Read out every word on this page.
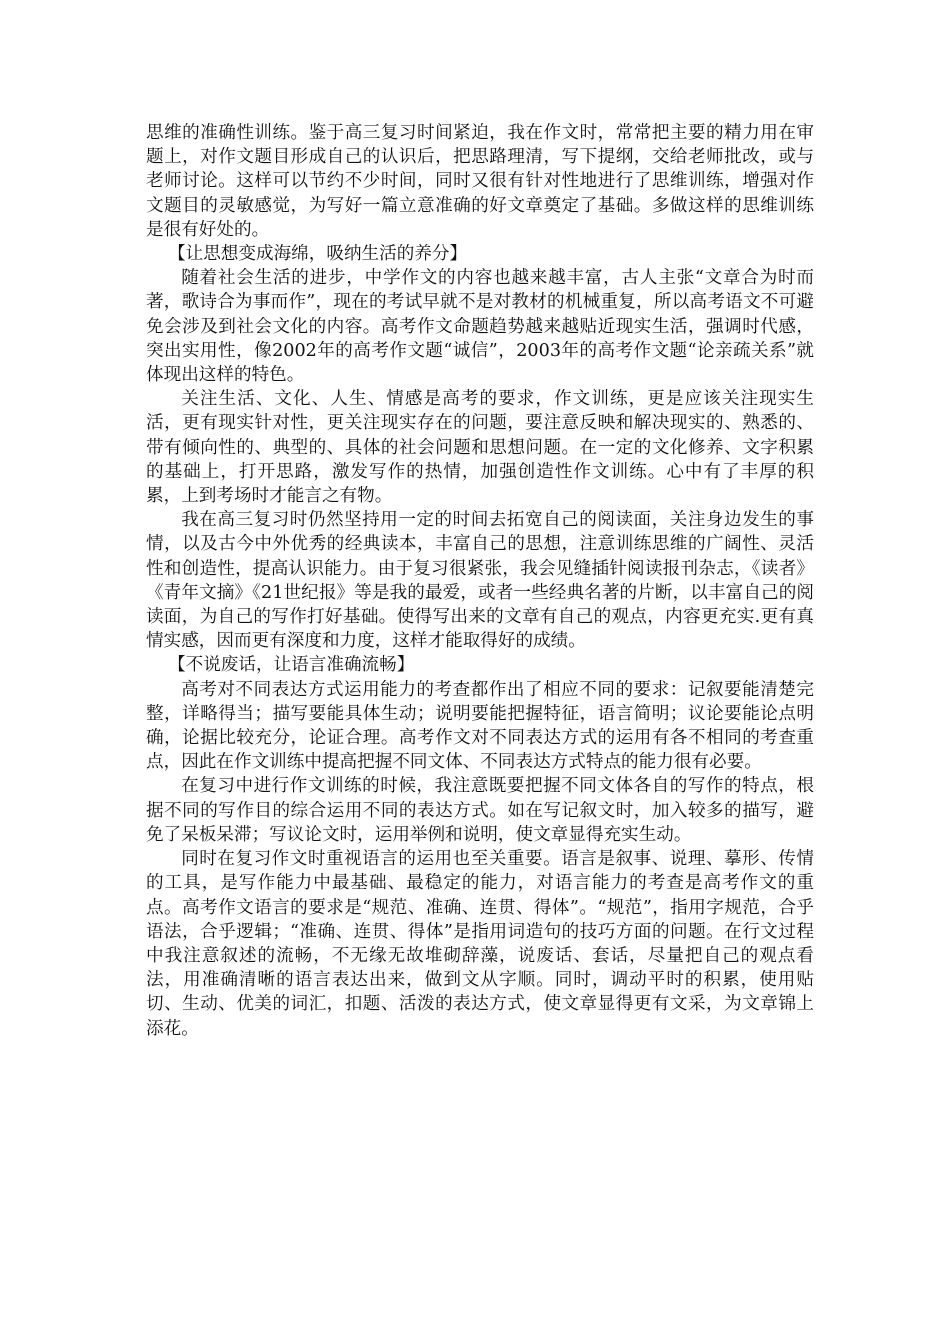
思维的准确性训练。鉴于高三复习时间紧迫，我在作文时，常常把主要的精力用在审题上，对作文题目形成自己的认识后，把思路理清，写下提纲，交给老师批改，或与老师讨论。这样可以节约不少时间，同时又很有针对性地进行了思维训练，增强对作文题目的灵敏感觉，为写好一篇立意准确的好文章奠定了基础。多做这样的思维训练是很有好处的。

【让思想变成海绵，吸纳生活的养分】

随着社会生活的进步，中学作文的内容也越来越丰富，古人主张“文章合为时而著，歌诗合为事而作”，现在的考试早就不是对教材的机械重复，所以高考语文不可避免会涉及到社会文化的内容。高考作文命题趋势越来越贴近现实生活，强调时代感，突出实用性，像2002年的高考作文题“诚信”，2003年的高考作文题“论亲疏关系”就体现出这样的特色。

关注生活、文化、人生、情感是高考的要求，作文训练，更是应该关注现实生活，更有现实针对性，更关注现实存在的问题，要注意反映和解决现实的、熟悉的、带有倾向性的、典型的、具体的社会问题和思想问题。在一定的文化修养、文字积累的基础上，打开思路，激发写作的热情，加强创造性作文训练。心中有了丰厚的积累，上到考场时才能言之有物。

我在高三复习时仍然坚持用一定的时间去拓宽自己的阅读面，关注身边发生的事情，以及古今中外优秀的经典读本，丰富自己的思想，注意训练思维的广阔性、灵活性和创造性，提高认识能力。由于复习很紧张，我会见缝插针阅读报刊杂志，《读者》《青年文摘》《21世纪报》等是我的最爱，或者一些经典名著的片断，以丰富自己的阅读面，为自己的写作打好基础。使得写出来的文章有自己的观点，内容更充实.更有真情实感，因而更有深度和力度，这样才能取得好的成绩。

【不说废话，让语言准确流畅】

高考对不同表达方式运用能力的考查都作出了相应不同的要求：记叙要能清楚完整，详略得当；描写要能具体生动；说明要能把握特征，语言简明；议论要能论点明确，论据比较充分，论证合理。高考作文对不同表达方式的运用有各不相同的考查重点，因此在作文训练中提高把握不同文体、不同表达方式特点的能力很有必要。

在复习中进行作文训练的时候，我注意既要把握不同文体各自的写作的特点，根据不同的写作目的综合运用不同的表达方式。如在写记叙文时，加入较多的描写，避免了呆板呆滞；写议论文时，运用举例和说明，使文章显得充实生动。

同时在复习作文时重视语言的运用也至关重要。语言是叙事、说理、摹形、传情的工具，是写作能力中最基础、最稳定的能力，对语言能力的考查是高考作文的重点。高考作文语言的要求是“规范、准确、连贯、得体”。“规范”，指用字规范，合乎语法，合乎逻辑；“准确、连贯、得体”是指用词造句的技巧方面的问题。在行文过程中我注意叙述的流畅，不无缘无故堆砌辞藻，说废话、套话，尽量把自己的观点看法，用准确清晰的语言表达出来，做到文从字顺。同时，调动平时的积累，使用贴切、生动、优美的词汇，扣题、活泼的表达方式，使文章显得更有文采，为文章锦上添花。
